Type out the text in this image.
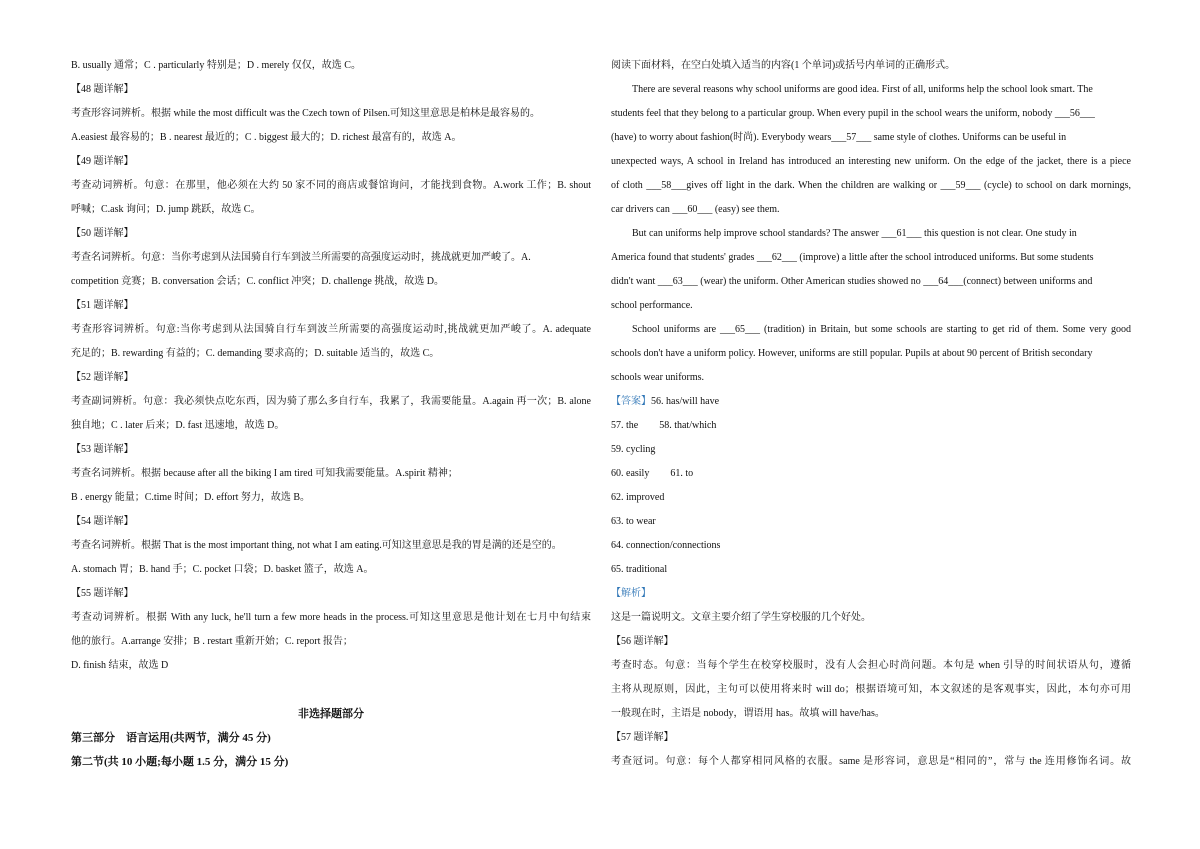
B. usually 通常；C . particularly 特别是；D . merely 仅仅，故选 C。
【48 题详解】
考查形容词辨析。根据 while the most difficult was the Czech town of Pilsen.可知这里意思是柏林是最容易的。
A.easiest 最容易的；B . nearest 最近的；C . biggest 最大的；D. richest 最富有的，故选 A。
【49 题详解】
考查动词辨析。句意：在那里，他必须在大约 50 家不同的商店或餐馆询问，才能找到食物。A.work 工作；B. shout
呼喊；C.ask 询问；D. jump 跳跃，故选 C。
【50 题详解】
考查名词辨析。句意：当你考虑到从法国骑自行车到波兰所需要的高强度运动时，挑战就更加严峻了。A.
competition 竞赛；B. conversation 会话；C. conflict 冲突；D. challenge 挑战，故选 D。
【51 题详解】
考查形容词辨析。句意:当你考虑到从法国骑自行车到波兰所需要的高强度运动时,挑战就更加严峻了。A. adequate
充足的；B. rewarding 有益的；C. demanding 要求高的；D. suitable 适当的，故选 C。
【52 题详解】
考查副词辨析。句意：我必须快点吃东西，因为骑了那么多自行车，我累了，我需要能量。A.again 再一次；B. alone
独自地；C . later 后来；D. fast 迅速地，故选 D。
【53 题详解】
考查名词辨析。根据 because after all the biking I am tired 可知我需要能量。A.spirit 精神；
B . energy 能量；C.time 时间；D. effort 努力，故选 B。
【54 题详解】
考查名词辨析。根据 That is the most important thing, not what I am eating.可知这里意思是我的胃是满的还是空的。
A. stomach 胃；B. hand 手；C. pocket 口袋；D. basket 篮子，故选 A。
【55 题详解】
考查动词辨析。根据 With any luck, he'll turn a few more heads in the process.可知这里意思是他计划在七月中旬结束
他的旅行。A.arrange 安排；B . restart 重新开始；C. report 报告；
D. finish 结束，故选 D
非选择题部分
第三部分　语言运用(共两节，满分 45 分)
第二节(共 10 小题;每小题 1.5 分，满分 15 分)
阅读下面材料，在空白处填入适当的内容(1 个单词)或括号内单词的正确形式。
There are several reasons why school uniforms are good idea. First of all, uniforms help the school look smart. The
students feel that they belong to a particular group. When every pupil in the school wears the uniform, nobody ___56___
(have) to worry about fashion(时尚). Everybody wears___57___ same style of clothes. Uniforms can be useful in
unexpected ways, A school in Ireland has introduced an interesting new uniform. On the edge of the jacket, there is a piece
of cloth ___58___gives off light in the dark. When the children are walking or ___59___ (cycle) to school on dark mornings,
car drivers can ___60___ (easy) see them.
But can uniforms help improve school standards? The answer ___61___ this question is not clear. One study in
America found that students' grades ___62___ (improve) a little after the school introduced uniforms. But some students
didn't want ___63___ (wear) the uniform. Other American studies showed no ___64___(connect) between uniforms and
school performance.
School uniforms are ___65___ (tradition) in Britain, but some schools are starting to get rid of them. Some very good
schools don't have a uniform policy. However, uniforms are still popular. Pupils at about 90 percent of British secondary
schools wear uniforms.
【答案】56. has/will have
57. the 58. that/which
59. cycling
60. easily 61. to
62. improved
63. to wear
64. connection/connections
65. traditional
【解析】
这是一篇说明文。文章主要介绍了学生穿校服的几个好处。
【56 题详解】
考查时态。句意：当每个学生在校穿校服时，没有人会担心时尚问题。本句是 when 引导的时间状语从句，遵循
主将从现原则，因此，主句可以使用将来时 will do；根据语境可知，本文叙述的是客观事实，因此，本句亦可用
一般现在时，主语是 nobody，谓语用 has。故填 will have/has。
【57 题详解】
考查冠词。句意：每个人都穿相同风格的衣服。same 是形容词，意思是“相同的”，常与 the 连用修饰名词。故
